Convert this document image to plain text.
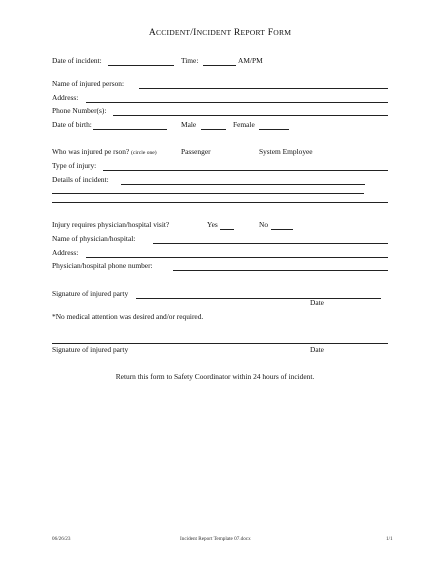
ACCIDENT/INCIDENT REPORT FORM
Date of incident:	Time:	AM/PM
Name of injured person:
Address:
Phone Number(s):
Date of birth:	Male	Female
Who was injured pe rson? (circle one)	Passenger	System Employee
Type of injury:
Details of incident:
Injury requires physician/hospital visit?	Yes	No
Name of physician/hospital:
Address:
Physician/hospital phone number:
Signature of injured party
Date
*No medical attention was desired and/or required.
Signature of injured party	Date
Return this form to Safety Coordinator within 24 hours of incident.
06/26/23	Incident Report Template 07.docx	1/1
